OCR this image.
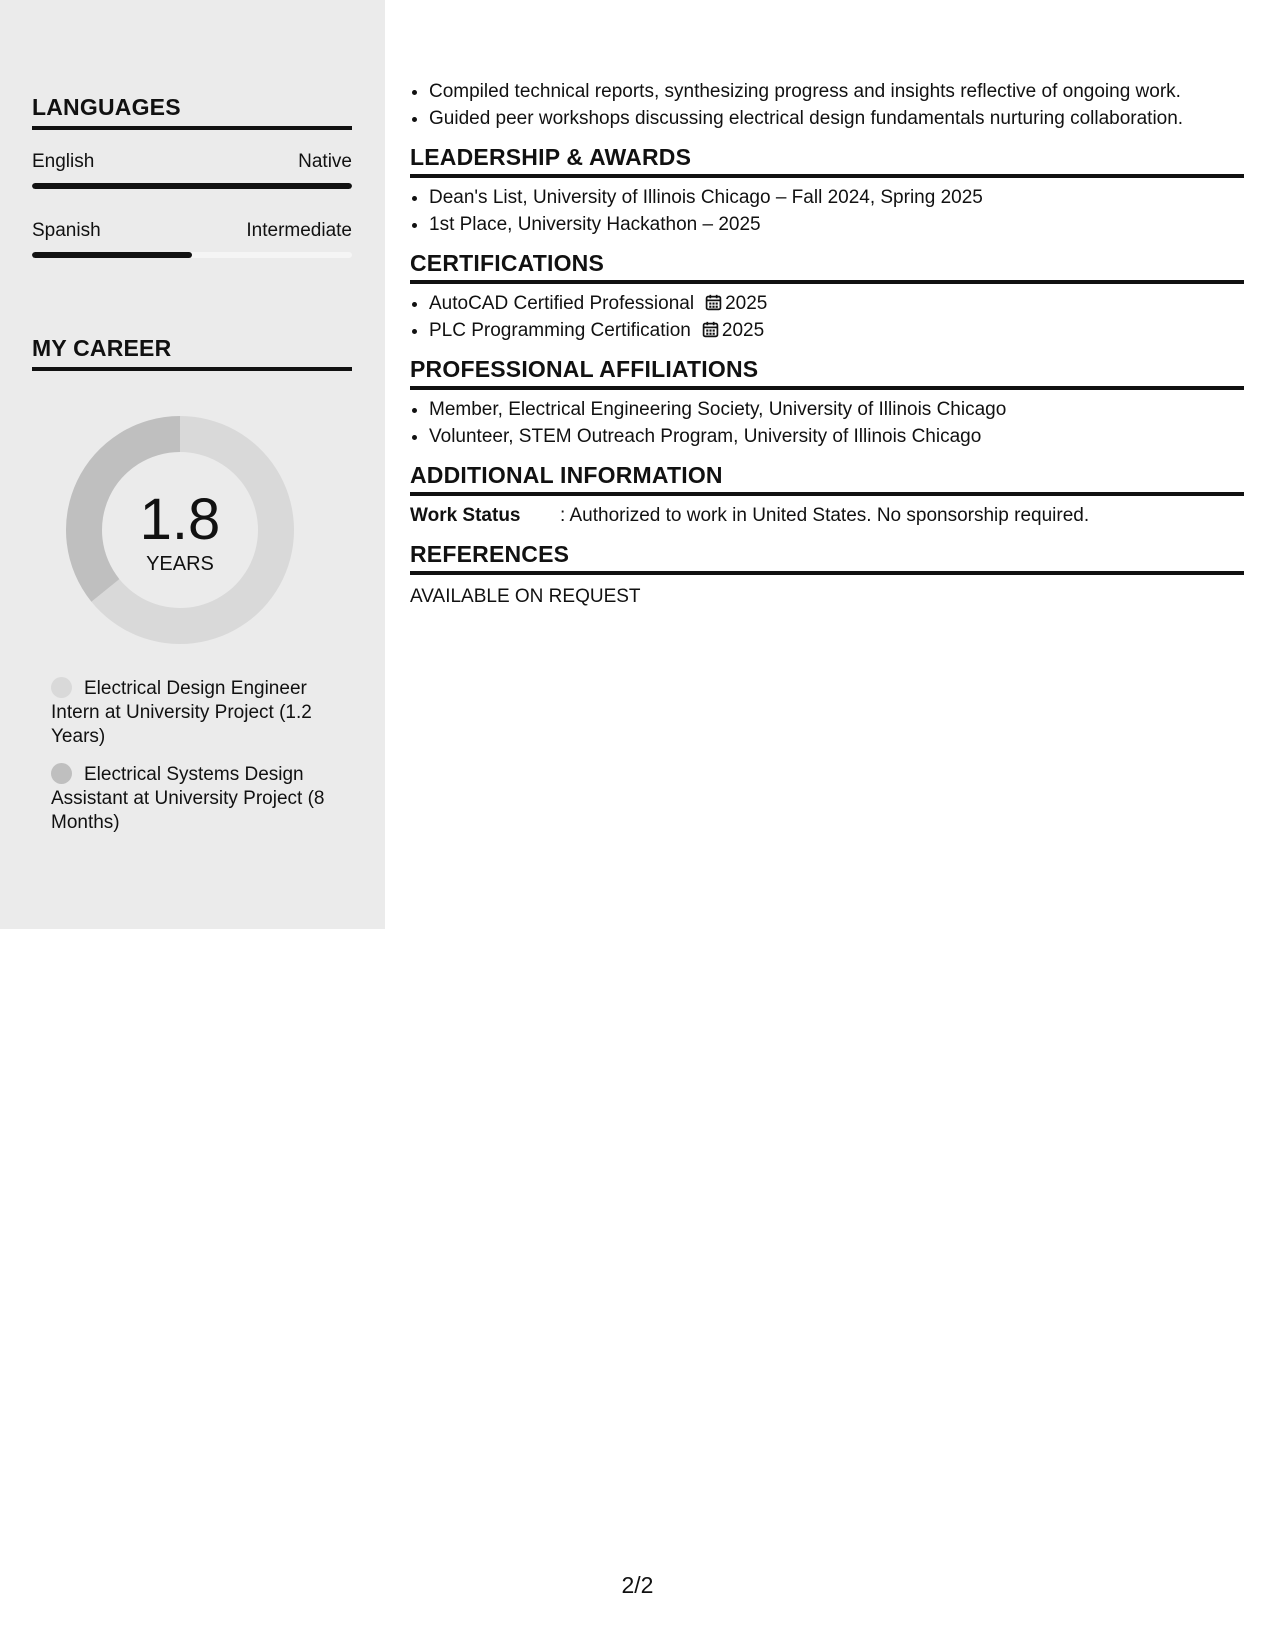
LANGUAGES
English	Native
Spanish	Intermediate
MY CAREER
1.8
YEARS
Electrical Design Engineer Intern at University Project (1.2 Years)
Electrical Systems Design Assistant at University Project (8 Months)
• Compiled technical reports, synthesizing progress and insights reflective of ongoing work.
• Guided peer workshops discussing electrical design fundamentals nurturing collaboration.
LEADERSHIP & AWARDS
• Dean's List, University of Illinois Chicago – Fall 2024, Spring 2025
• 1st Place, University Hackathon – 2025
CERTIFICATIONS
• AutoCAD Certified Professional 2025
• PLC Programming Certification 2025
PROFESSIONAL AFFILIATIONS
• Member, Electrical Engineering Society, University of Illinois Chicago
• Volunteer, STEM Outreach Program, University of Illinois Chicago
ADDITIONAL INFORMATION
Work Status	: Authorized to work in United States. No sponsorship required.
REFERENCES
AVAILABLE ON REQUEST
2/2
